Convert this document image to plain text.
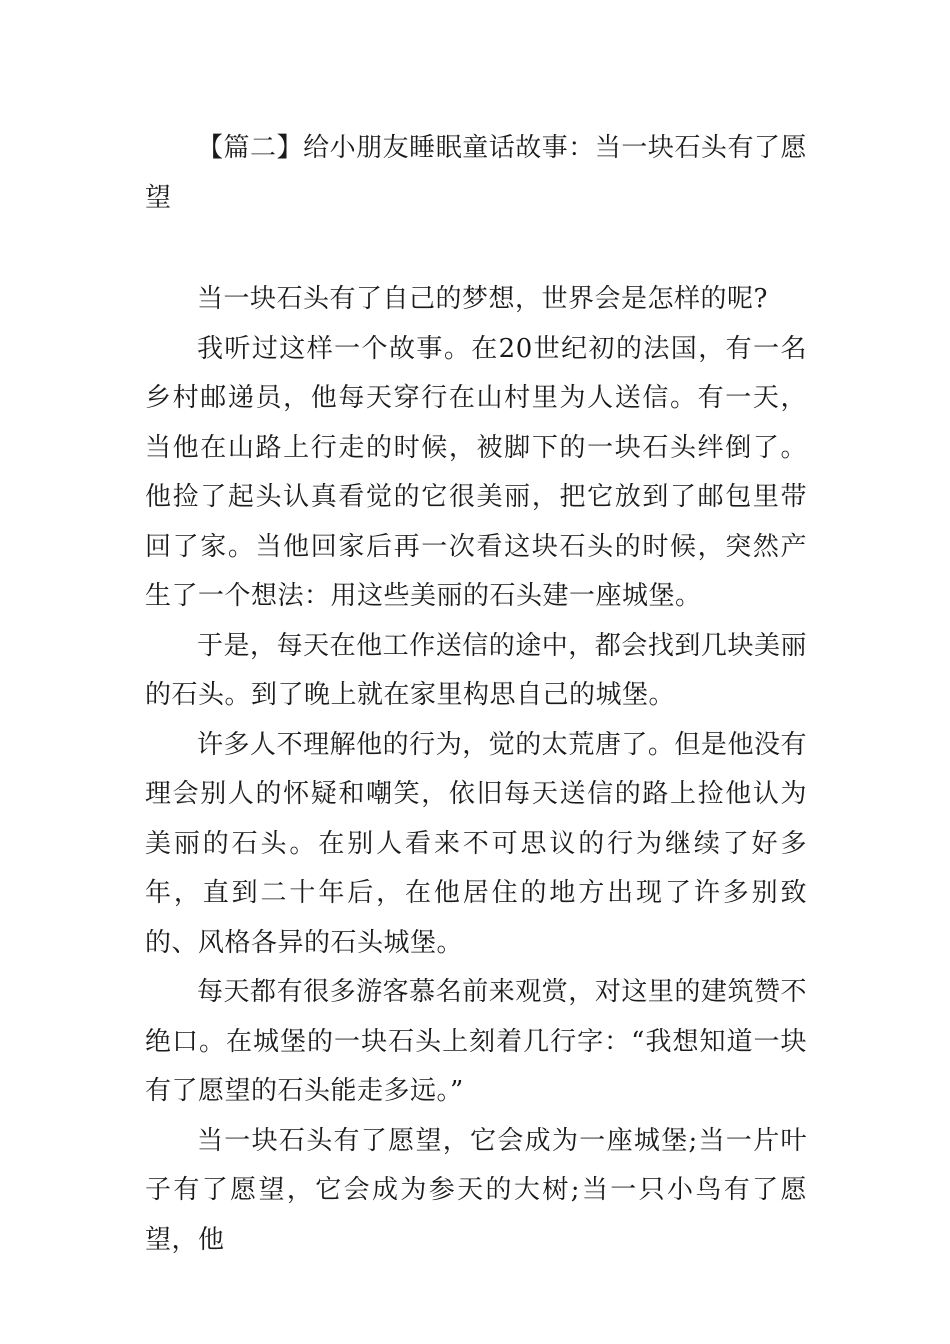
【篇二】给小朋友睡眠童话故事：当一块石头有了愿望

当一块石头有了自己的梦想，世界会是怎样的呢?

我听过这样一个故事。在20世纪初的法国，有一名乡村邮递员，他每天穿行在山村里为人送信。有一天，当他在山路上行走的时候，被脚下的一块石头绊倒了。他捡了起头认真看觉的它很美丽，把它放到了邮包里带回了家。当他回家后再一次看这块石头的时候，突然产生了一个想法：用这些美丽的石头建一座城堡。

于是，每天在他工作送信的途中，都会找到几块美丽的石头。到了晚上就在家里构思自己的城堡。

许多人不理解他的行为，觉的太荒唐了。但是他没有理会别人的怀疑和嘲笑，依旧每天送信的路上捡他认为美丽的石头。在别人看来不可思议的行为继续了好多年，直到二十年后，在他居住的地方出现了许多别致的、风格各异的石头城堡。

每天都有很多游客慕名前来观赏，对这里的建筑赞不绝口。在城堡的一块石头上刻着几行字：“我想知道一块有了愿望的石头能走多远。”

当一块石头有了愿望，它会成为一座城堡;当一片叶子有了愿望，它会成为参天的大树;当一只小鸟有了愿望，他
